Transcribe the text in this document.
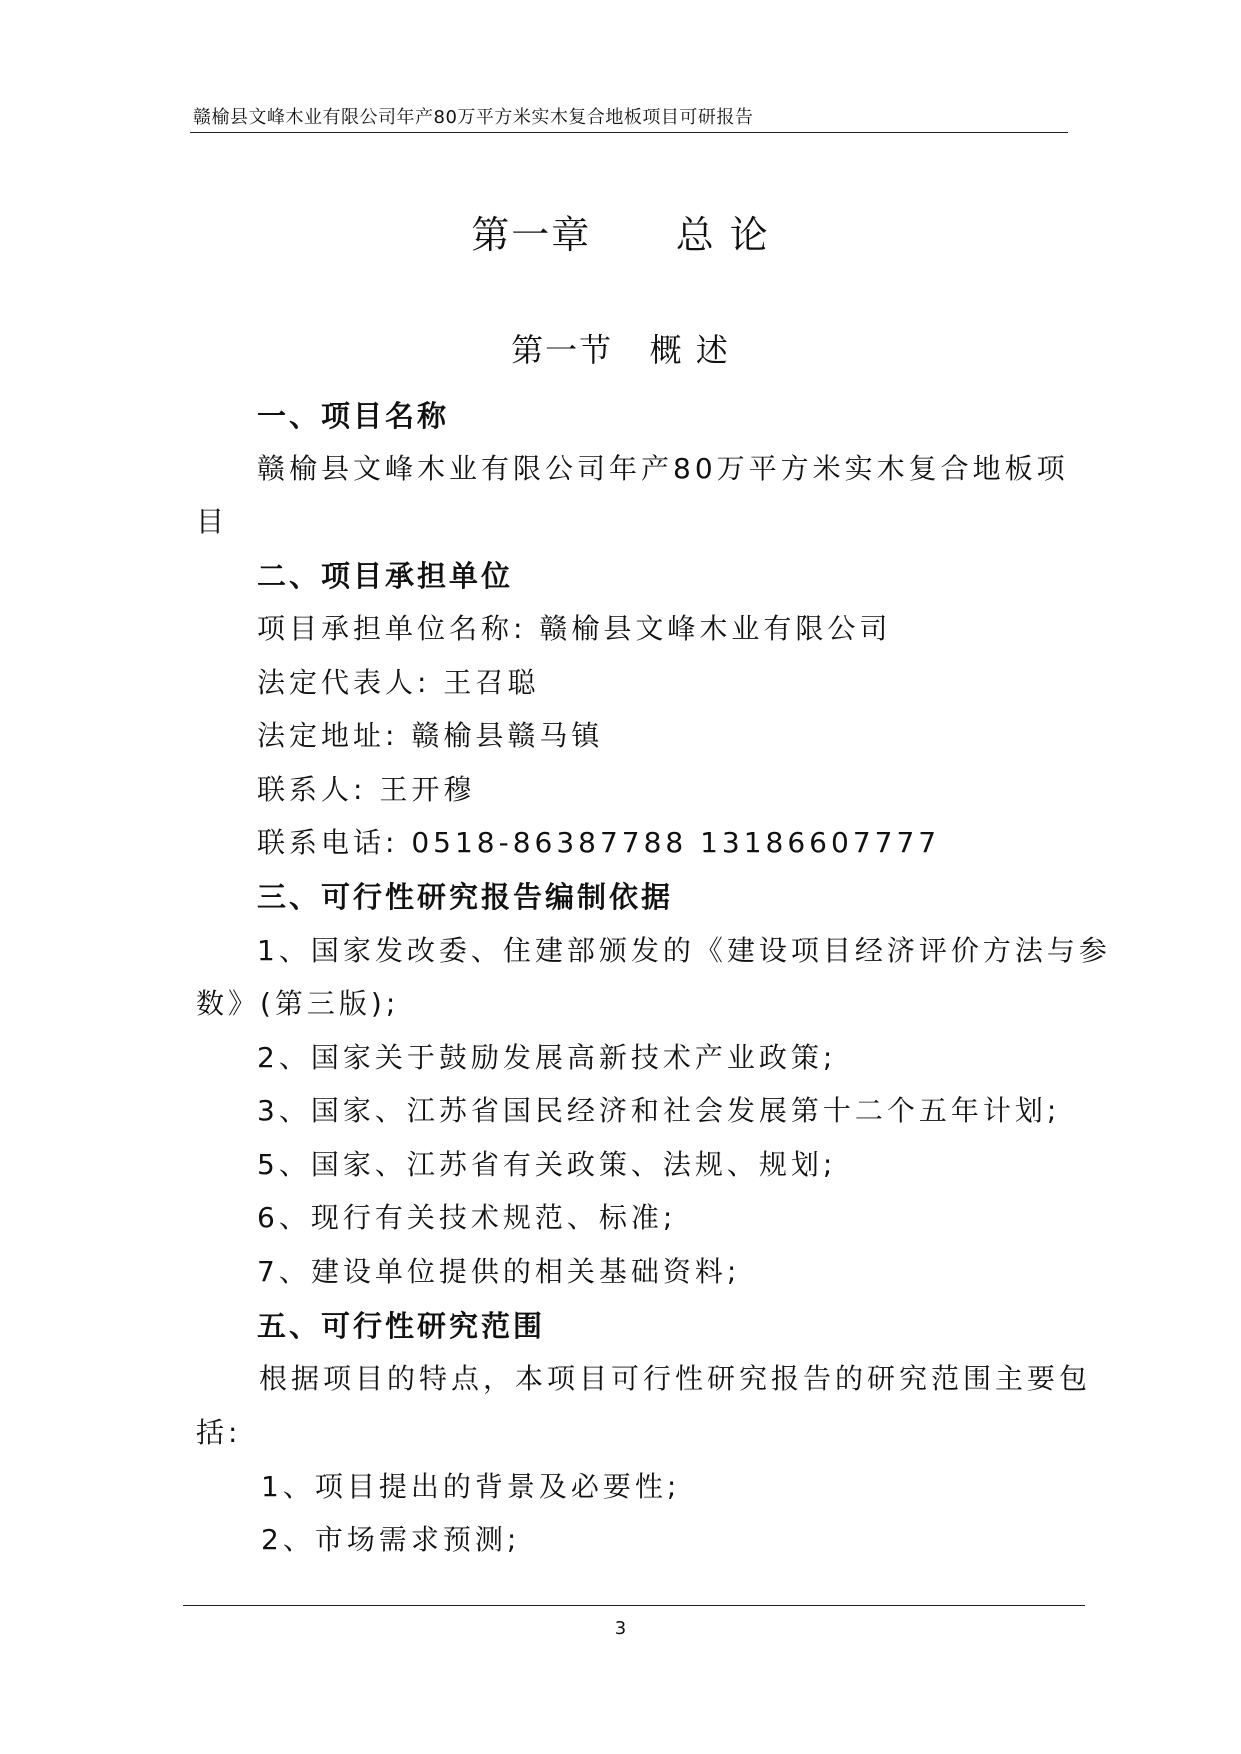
赣榆县文峰木业有限公司年产80万平方米实木复合地板项目可研报告
第一章      总 论
第一节   概 述
一、项目名称
赣榆县文峰木业有限公司年产80万平方米实木复合地板项
目
二、项目承担单位
项目承担单位名称: 赣榆县文峰木业有限公司
法定代表人: 王召聪
法定地址: 赣榆县赣马镇
联系人: 王开穆
联系电话: 0518-86387788 13186607777
三、可行性研究报告编制依据
1、国家发改委、住建部颁发的《建设项目经济评价方法与参
数》(第三版);
2、国家关于鼓励发展高新技术产业政策;
3、国家、江苏省国民经济和社会发展第十二个五年计划;
5、国家、江苏省有关政策、法规、规划;
6、现行有关技术规范、标准;
7、建设单位提供的相关基础资料;
五、可行性研究范围
根据项目的特点，本项目可行性研究报告的研究范围主要包
括:
1、项目提出的背景及必要性;
2、市场需求预测;
3
